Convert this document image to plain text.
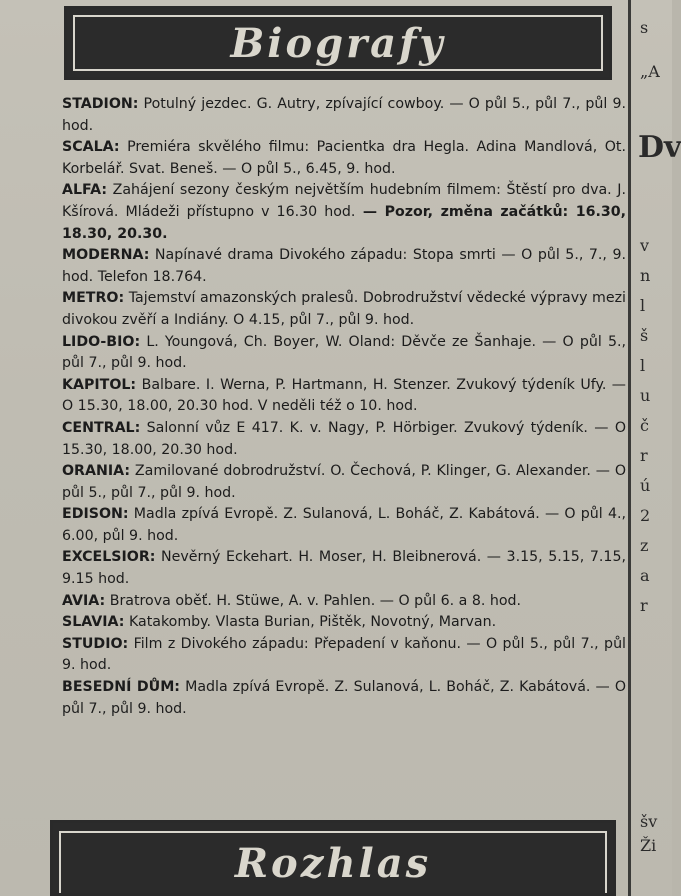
Biografy

STADION: Potulný jezdec. G. Autry, zpívající cowboy. — O půl 5., půl 7., půl 9. hod.

SCALA: Premiéra skvělého filmu: Pacientka dra Hegla. Adina Mandlová, Ot. Korbelář. Svat. Beneš. — O půl 5., 6.45, 9. hod.

ALFA: Zahájení sezony českým největším hudebním filmem: Štěstí pro dva. J. Kšírová. Mládeži přístupno v 16.30 hod. — Pozor, změna začátků: 16.30, 18.30, 20.30.

MODERNA: Napínavé drama Divokého západu: Stopa smrti — O půl 5., 7., 9. hod. Telefon 18.764.

METRO: Tajemství amazonských pralesů. Dobrodružství vědecké výpravy mezi divokou zvěří a Indiány. O 4.15, půl 7., půl 9. hod.

LIDO-BIO: L. Youngová, Ch. Boyer, W. Oland: Děvče ze Šanhaje. — O půl 5., půl 7., půl 9. hod.

KAPITOL: Balbare. I. Werna, P. Hartmann, H. Stenzer. Zvukový týdeník Ufy. — O 15.30, 18.00, 20.30 hod. V neděli též o 10. hod.

CENTRAL: Salonní vůz E 417. K. v. Nagy, P. Hörbiger. Zvukový týdeník. — O 15.30, 18.00, 20.30 hod.

ORANIA: Zamilované dobrodružství. O. Čechová, P. Klinger, G. Alexander. — O půl 5., půl 7., půl 9. hod.

EDISON: Madla zpívá Evropě. Z. Sulanová, L. Boháč, Z. Kabátová. — O půl 4., 6.00, půl 9. hod.

EXCELSIOR: Nevěrný Eckehart. H. Moser, H. Bleibnerová. — 3.15, 5.15, 7.15, 9.15 hod.

AVIA: Bratrova oběť. H. Stüwe, A. v. Pahlen. — O půl 6. a 8. hod.

SLAVIA: Katakomby. Vlasta Burian, Pištěk, Novotný, Marvan.

STUDIO: Film z Divokého západu: Přepadení v kaňonu. — O půl 5., půl 7., půl 9. hod.

BESEDNÍ DŮM: Madla zpívá Evropě. Z. Sulanová, L. Boháč, Z. Kabátová. — O půl 7., půl 9. hod.

Rozhlas
s
„A
Dv
v
n
l
š
l
u
č
r
ú
2
z
a
r
šv
Ži
